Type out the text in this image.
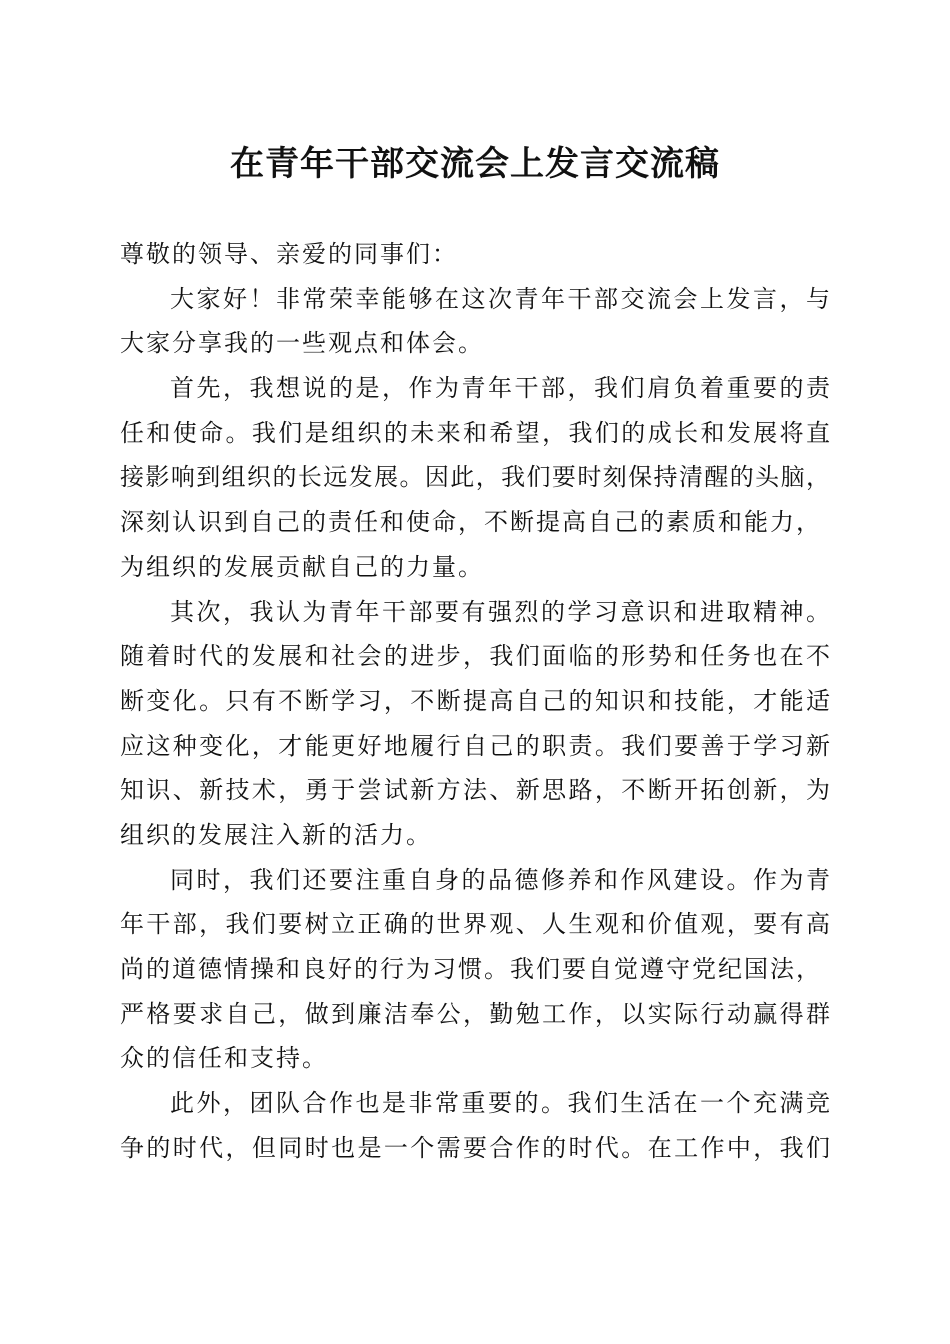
在青年干部交流会上发言交流稿
尊敬的领导、亲爱的同事们：
大家好！非常荣幸能够在这次青年干部交流会上发言，与
大家分享我的一些观点和体会。
首先，我想说的是，作为青年干部，我们肩负着重要的责
任和使命。我们是组织的未来和希望，我们的成长和发展将直
接影响到组织的长远发展。因此，我们要时刻保持清醒的头脑，
深刻认识到自己的责任和使命，不断提高自己的素质和能力，
为组织的发展贡献自己的力量。
其次，我认为青年干部要有强烈的学习意识和进取精神。
随着时代的发展和社会的进步，我们面临的形势和任务也在不
断变化。只有不断学习，不断提高自己的知识和技能，才能适
应这种变化，才能更好地履行自己的职责。我们要善于学习新
知识、新技术，勇于尝试新方法、新思路，不断开拓创新，为
组织的发展注入新的活力。
同时，我们还要注重自身的品德修养和作风建设。作为青
年干部，我们要树立正确的世界观、人生观和价值观，要有高
尚的道德情操和良好的行为习惯。我们要自觉遵守党纪国法，
严格要求自己，做到廉洁奉公，勤勉工作，以实际行动赢得群
众的信任和支持。
此外，团队合作也是非常重要的。我们生活在一个充满竞
争的时代，但同时也是一个需要合作的时代。在工作中，我们
